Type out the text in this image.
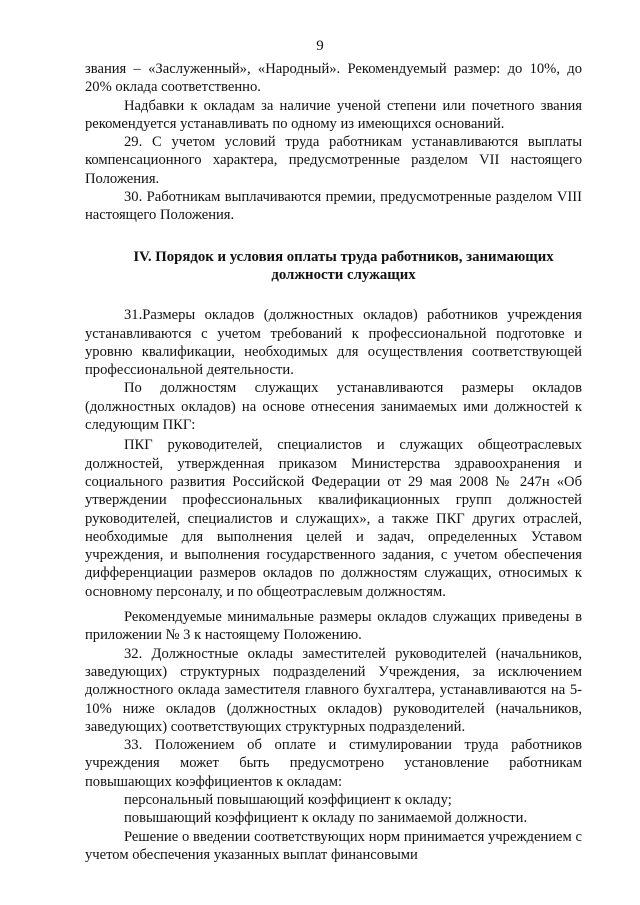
9

звания – «Заслуженный», «Народный». Рекомендуемый размер: до 10%, до 20% оклада соответственно.

Надбавки к окладам за наличие ученой степени или почетного звания рекомендуется устанавливать по одному из имеющихся оснований.

29. С учетом условий труда работникам устанавливаются выплаты компенсационного характера, предусмотренные разделом VII настоящего Положения.

30. Работникам выплачиваются премии, предусмотренные разделом VIII настоящего Положения.

IV. Порядок и условия оплаты труда работников, занимающих должности служащих

31.Размеры окладов (должностных окладов) работников учреждения устанавливаются с учетом требований к профессиональной подготовке и уровню квалификации, необходимых для осуществления соответствующей профессиональной деятельности.

По должностям служащих устанавливаются размеры окладов (должностных окладов) на основе отнесения занимаемых ими должностей к следующим ПКГ:

ПКГ руководителей, специалистов и служащих общеотраслевых должностей, утвержденная приказом Министерства здравоохранения и социального развития Российской Федерации от 29 мая 2008 № 247н «Об утверждении профессиональных квалификационных групп должностей руководителей, специалистов и служащих», а также ПКГ других отраслей, необходимые для выполнения целей и задач, определенных Уставом учреждения, и выполнения государственного задания, с учетом обеспечения дифференциации размеров окладов по должностям служащих, относимых к основному персоналу, и по общеотраслевым должностям.

Рекомендуемые минимальные размеры окладов служащих приведены в приложении № 3 к настоящему Положению.

32. Должностные оклады заместителей руководителей (начальников, заведующих) структурных подразделений Учреждения, за исключением должностного оклада заместителя главного бухгалтера, устанавливаются на 5-10% ниже окладов (должностных окладов) руководителей (начальников, заведующих) соответствующих структурных подразделений.

33. Положением об оплате и стимулировании труда работников учреждения может быть предусмотрено установление работникам повышающих коэффициентов к окладам:

персональный повышающий коэффициент к окладу;

повышающий коэффициент к окладу по занимаемой должности.

Решение о введении соответствующих норм принимается учреждением с учетом обеспечения указанных выплат финансовыми
